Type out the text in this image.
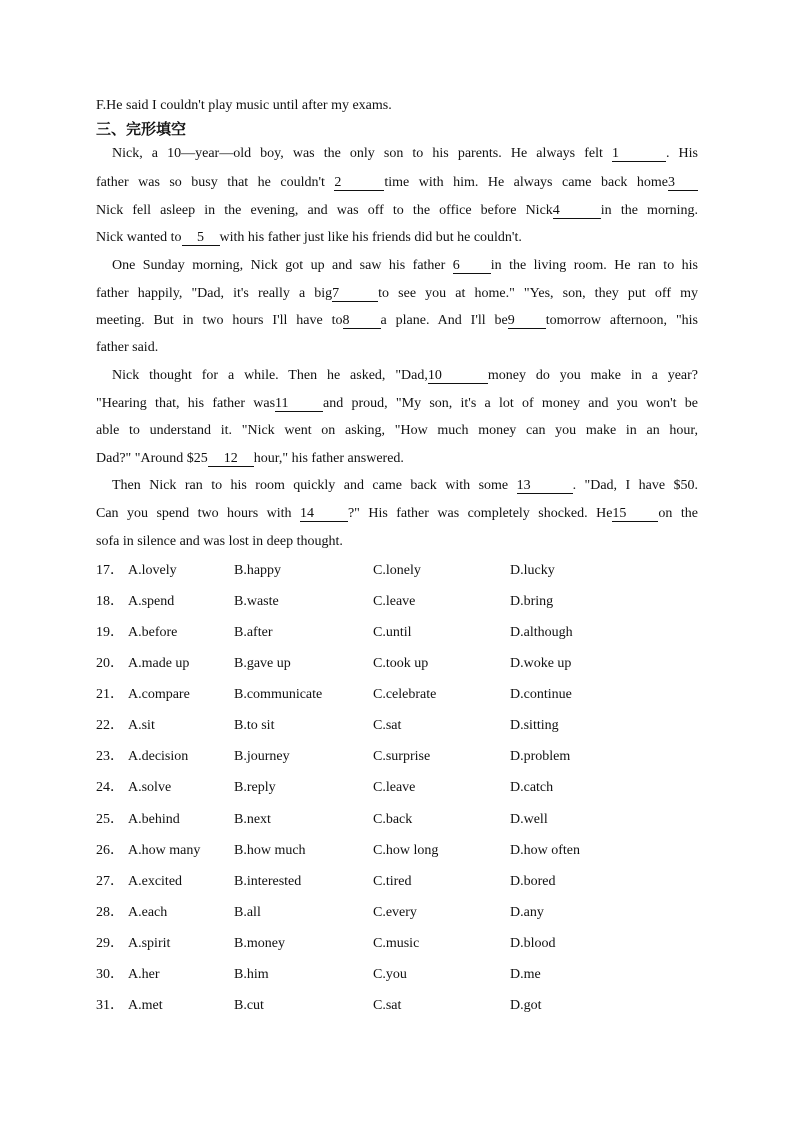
F.He said I couldn't play music until after my exams.
三、完形填空
Nick, a 10—year—old boy, was the only son to his parents. He always felt 1	. His
father was so busy that he couldn't 2	time with him. He always came back home3
Nick fell asleep in the evening, and was off to the office before Nick4	in the morning.
Nick wanted to 5 with his father just like his friends did but he couldn't.
One Sunday morning, Nick got up and saw his father 6 in the living room. He ran to his
father happily, "Dad, it's really a big7	to see you at home." "Yes, son, they put off my
meeting. But in two hours I'll have to8 a plane. And I'll be9 tomorrow afternoon, "his
father said.
Nick thought for a while. Then he asked, "Dad,10	money do you make in a year?
"Hearing that, his father was11 and proud, "My son, it's a lot of money and you won't be
able to understand it. "Nick went on asking, "How much money can you make in an hour,
Dad?" "Around $25 12 hour," his father answered.
Then Nick ran to his room quickly and came back with some 13	. "Dad, I have $50.
Can you spend two hours with 14 ?" His father was completely shocked. He15 on the
sofa in silence and was lost in deep thought.
17． A.lovely	B.happy	C.lonely	D.lucky
18． A.spend	B.waste	C.leave	D.bring
19． A.before	B.after	C.until	D.although
20． A.made up	B.gave up	C.took up	D.woke up
21． A.compare	B.communicate	C.celebrate	D.continue
22． A.sit	B.to sit	C.sat	D.sitting
23． A.decision	B.journey	C.surprise	D.problem
24． A.solve	B.reply	C.leave	D.catch
25． A.behind	B.next	C.back	D.well
26． A.how many B.how much	C.how long	D.how often
27． A.excited	B.interested	C.tired	D.bored
28． A.each	B.all	C.every	D.any
29． A.spirit	B.money	C.music	D.blood
30． A.her	B.him	C.you	D.me
31． A.met	B.cut	C.sat	D.got
